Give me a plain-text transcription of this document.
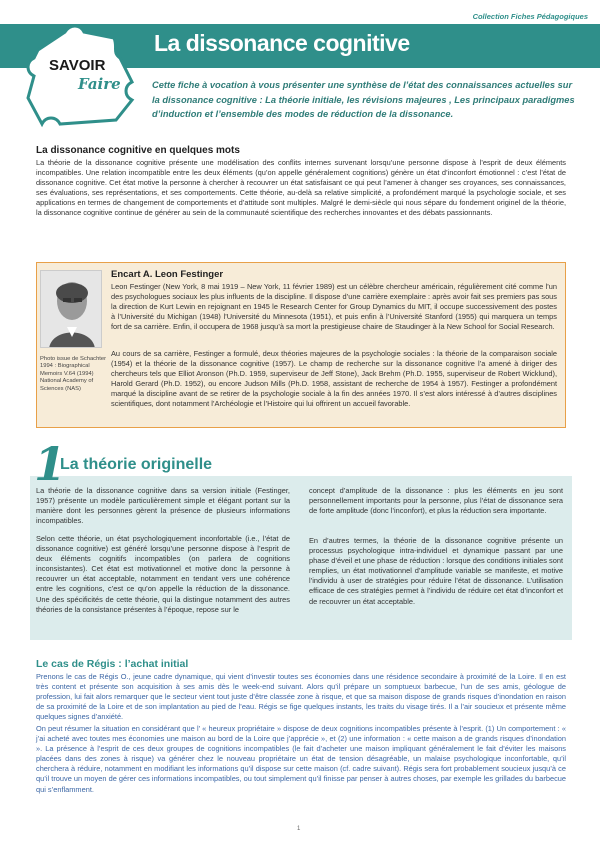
Collection Fiches Pédagogiques
La dissonance cognitive
SAVOIR
Faire	Cette fiche à vocation à vous présenter une synthèse de l’état des connaissances actuelles sur la dissonance cognitive : La théorie initiale, les révisions majeures , Les principaux paradigmes d’induction et l’ensemble des modes de réduction de la dissonance.
La dissonance cognitive en quelques mots
La théorie de la dissonance cognitive présente une modélisation des conflits internes survenant lorsqu’une personne dispose à l’esprit de deux éléments incompatibles. Une relation incompatible entre les deux éléments (qu’on appelle généralement cognitions) génère un état d’inconfort émotionnel : c’est l’état de dissonance cognitive. Cet état motive la personne à chercher à recouvrer un état satisfaisant ce qui peut l’amener à changer ses croyances, ses connaissances, ses évaluations, ses représentations, et ses comportements. Cette théorie, au-delà sa relative simplicité, a profondément marqué la psychologie sociale, et ses applications en termes de changement de comportements et d’attitude sont multiples. Malgré le demi-siècle qui nous sépare du fondement originel de la théorie, la dissonance cognitive continue de générer au sein de la communauté scientifique des recherches innovantes et des débats passionnants.
Photo issue de Schachter 1994 : Biographical Memoirs V.64 (1994) National Academy of Sciences (NAS)
Encart A. Leon Festinger
Leon Festinger (New York, 8 mai 1919 – New York, 11 février 1989) est un célèbre chercheur américain, régulièrement cité comme l’un des psychologues sociaux les plus influents de la discipline. Il dispose d’une carrière exemplaire : après avoir fait ses premiers pas sous la direction de Kurt Lewin en rejoignant en 1945 le Research Center for Group Dynamics du MIT, il occupe successivement des postes à l’Université du Michigan (1948) l’Université du Minnesota (1951), et puis enfin à l’Université Stanford (1955) qui marquera un temps fort de sa carrière. Enfin, il occupera de 1968 jusqu’à sa mort la prestigieuse chaire de Staudinger à la New School for Social Research.
Au cours de sa carrière, Festinger a formulé, deux théories majeures de la psychologie sociales : la théorie de la comparaison sociale (1954) et la théorie de la dissonance cognitive (1957). Le champ de recherche sur la dissonance cognitive l’a amené à diriger des chercheurs tels que Elliot Aronson (Ph.D. 1959, superviseur de Jeff Stone), Jack Brehm (Ph.D. 1955, superviseur de Robert Wicklund), Harold Gerard (Ph.D. 1952), ou encore Judson Mills (Ph.D. 1958, assistant de recherche de 1954 à 1957). Festinger a profondément marqué la discipline avant de se retirer de la psychologie sociale à la fin des années 1970. Il s’est alors intéressé à d’autres disciplines scientifiques, dont notamment l’Archéologie et l’Histoire qui lui offrirent un accueil favorable.
1
La théorie originelle
La théorie de la dissonance cognitive dans sa version initiale (Festinger, 1957) présente un modèle particulièrement simple et élégant portant sur la manière dont les personnes gèrent la présence de plusieurs informations incompatibles.
Selon cette théorie, un état psychologiquement inconfortable (i.e., l’état de dissonance cognitive) est généré lorsqu’une personne dispose à l’esprit de deux éléments cognitifs incompatibles (on parlera de cognitions inconsistantes). Cet état est motivationnel et motive donc la personne à recouvrer un état acceptable, notamment en tendant vers une cohérence entre les cognitions, c’est ce qu’on appelle la réduction de la dissonance. Une des spécificités de cette théorie, qui la distingue notamment des autres théories de la consistance présentes à l’époque, repose sur le
concept d’amplitude de la dissonance : plus les éléments en jeu sont personnellement importants pour la personne, plus l’état de dissonance sera de forte amplitude (donc l’inconfort), et plus la réduction sera importante.
En d’autres termes, la théorie de la dissonance cognitive présente un processus psychologique intra-individuel et dynamique passant par une phase d’éveil et une phase de réduction : lorsque des conditions initiales sont remplies, un état motivationnel d’amplitude variable se manifeste, et motive l’individu à user de stratégies pour réduire l’état de dissonance. L’utilisation efficace de ces stratégies permet à l’individu de réduire cet état d’inconfort et de recouvrer un état acceptable.
Le cas de Régis : l’achat initial
Prenons le cas de Régis O., jeune cadre dynamique, qui vient d’investir toutes ses économies dans une résidence secondaire à proximité de la Loire. Il en est très content et présente son acquisition à ses amis dès le week-end suivant. Alors qu’il prépare un somptueux barbecue, l’un de ses amis, géologue de profession, lui fait alors remarquer que le secteur vient tout juste d’être classée zone à risque, et que sa maison dispose de grands risques d’inondation en raison de sa proximité de la Loire et de son implantation au pied de l’eau. Régis se fige quelques instants, les traits du visage tirés. Il a l’air soucieux et présente même quelques signes d’anxiété.
On peut résumer la situation en considérant que l’ « heureux propriétaire » dispose de deux cognitions incompatibles présente à l’esprit. (1) Un comportement : « j’ai acheté avec toutes mes économies une maison au bord de la Loire que j’apprécie », et (2) une information : « cette maison a de grands risques d’inondation ». La présence à l’esprit de ces deux groupes de cognitions incompatibles (le fait d’acheter une maison impliquant généralement le fait d’éviter les maisons placées dans des zones à risque) va générer chez le nouveau propriétaire un état de tension désagréable, un malaise psychologique inconfortable, qu’il cherchera à réduire, notamment en modifiant les informations qu’il dispose sur cette maison (cf. cadre suivant). Régis sera fort probablement soucieux jusqu’à ce qu’il trouve un moyen de gérer ces informations incompatibles, ou tout simplement qu’il finisse par penser à autres choses, par exemple les grillades du barbecue qui s’enflamment.
1
